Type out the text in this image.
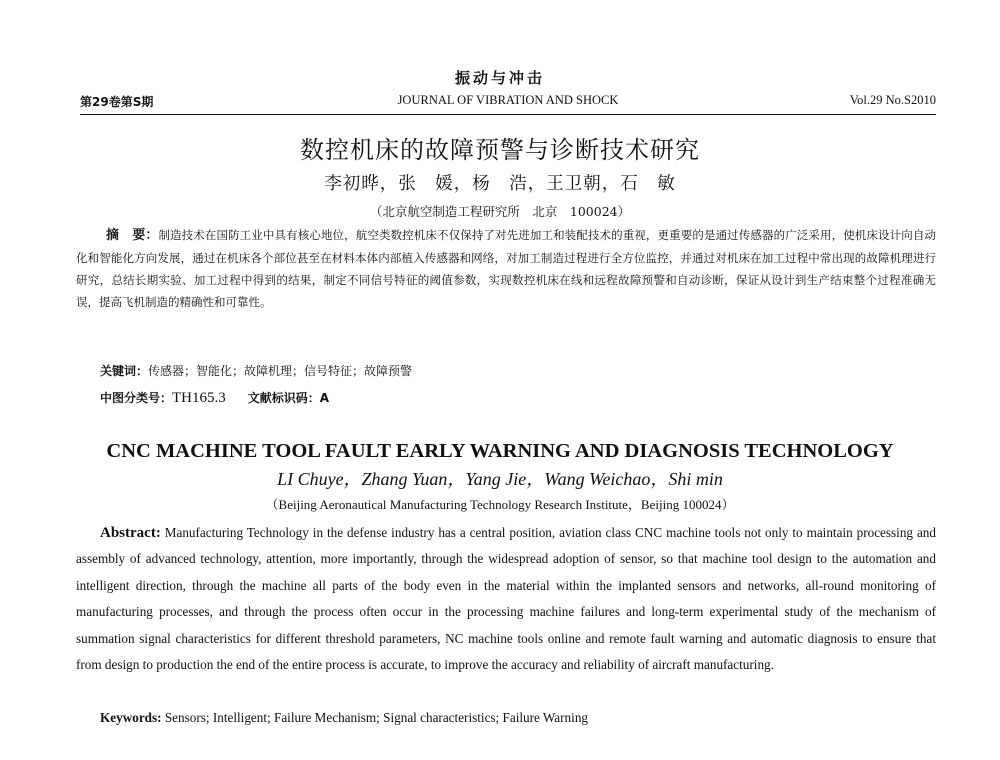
振动与冲击
第29卷第S期	JOURNAL OF VIBRATION AND SHOCK	Vol.29 No.S2010
数控机床的故障预警与诊断技术研究
李初晔，张　媛，杨　浩，王卫朝，石　敏
（北京航空制造工程研究所　北京　100024）
摘　要：制造技术在国防工业中具有核心地位，航空类数控机床不仅保持了对先进加工和装配技术的重视，更重要的是通过传感器的广泛采用，使机床设计向自动化和智能化方向发展，通过在机床各个部位甚至在材料本体内部植入传感器和网络，对加工制造过程进行全方位监控，并通过对机床在加工过程中常出现的故障机理进行研究，总结长期实验、加工过程中得到的结果，制定不同信号特征的阈值参数，实现数控机床在线和远程故障预警和自动诊断，保证从设计到生产结束整个过程准确无误，提高飞机制造的精确性和可靠性。
关键词：传感器；智能化；故障机理；信号特征；故障预警
中图分类号：TH165.3 文献标识码：A
CNC MACHINE TOOL FAULT EARLY WARNING AND DIAGNOSIS TECHNOLOGY
LI Chuye，Zhang Yuan，Yang Jie，Wang Weichao，Shi min
（Beijing Aeronautical Manufacturing Technology Research Institute，Beijing 100024）
Abstract: Manufacturing Technology in the defense industry has a central position, aviation class CNC machine tools not only to maintain processing and assembly of advanced technology, attention, more importantly, through the widespread adoption of sensor, so that machine tool design to the automation and intelligent direction, through the machine all parts of the body even in the material within the implanted sensors and networks, all-round monitoring of manufacturing processes, and through the process often occur in the processing machine failures and long-term experimental study of the mechanism of summation signal characteristics for different threshold parameters, NC machine tools online and remote fault warning and automatic diagnosis to ensure that from design to production the end of the entire process is accurate, to improve the accuracy and reliability of aircraft manufacturing.
Keywords: Sensors; Intelligent; Failure Mechanism; Signal characteristics; Failure Warning
